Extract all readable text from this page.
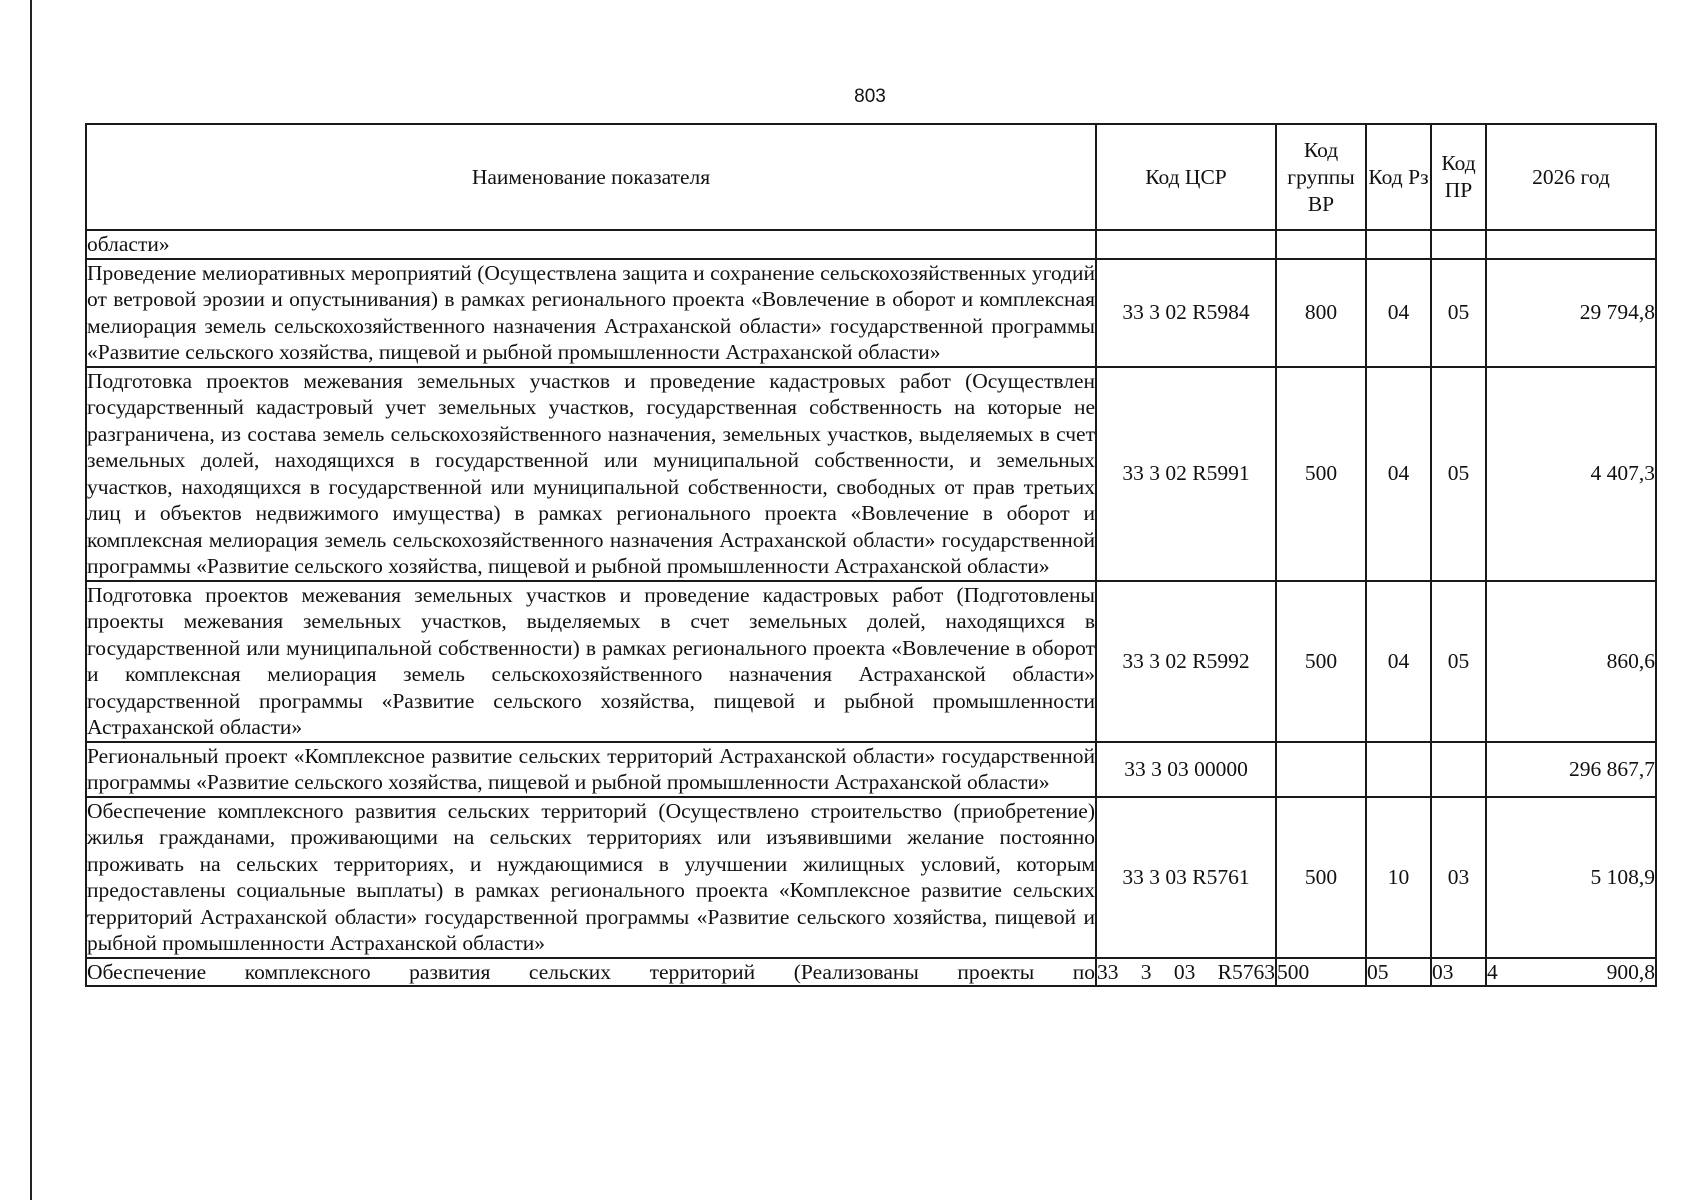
803
Наименование показателя	Код ЦСР	Код группы ВР	Код Рз	Код ПР	2026 год
области»					
Проведение мелиоративных мероприятий (Осуществлена защита и сохранение сельскохозяйственных угодий от ветровой эрозии и опустынивания) в рамках регионального проекта «Вовлечение в оборот и комплексная мелиорация земель сельскохозяйственного назначения Астраханской области» государственной программы «Развитие сельского хозяйства, пищевой и рыбной промышленности Астраханской области»	33 3 02 R5984	800	04	05	29 794,8
Подготовка проектов межевания земельных участков и проведение кадастровых работ (Осуществлен государственный кадастровый учет земельных участков, государственная собственность на которые не разграничена, из состава земель сельскохозяйственного назначения, земельных участков, выделяемых в счет земельных долей, находящихся в государственной или муниципальной собственности, и земельных участков, находящихся в государственной или муниципальной собственности, свободных от прав третьих лиц и объектов недвижимого имущества) в рамках регионального проекта «Вовлечение в оборот и комплексная мелиорация земель сельскохозяйственного назначения Астраханской области» государственной программы «Развитие сельского хозяйства, пищевой и рыбной промышленности Астраханской области»	33 3 02 R5991	500	04	05	4 407,3
Подготовка проектов межевания земельных участков и проведение кадастровых работ (Подготовлены проекты межевания земельных участков, выделяемых в счет земельных долей, находящихся в государственной или муниципальной собственности) в рамках регионального проекта «Вовлечение в оборот и комплексная мелиорация земель сельскохозяйственного назначения Астраханской области» государственной программы «Развитие сельского хозяйства, пищевой и рыбной промышленности Астраханской области»	33 3 02 R5992	500	04	05	860,6
Региональный проект «Комплексное развитие сельских территорий Астраханской области» государственной программы «Развитие сельского хозяйства, пищевой и рыбной промышленности Астраханской области»	33 3 03 00000				296 867,7
Обеспечение комплексного развития сельских территорий (Осуществлено строительство (приобретение) жилья гражданами, проживающими на сельских территориях или изъявившими желание постоянно проживать на сельских территориях, и нуждающимися в улучшении жилищных условий, которым предоставлены социальные выплаты) в рамках регионального проекта «Комплексное развитие сельских территорий Астраханской области» государственной программы «Развитие сельского хозяйства, пищевой и рыбной промышленности Астраханской области»	33 3 03 R5761	500	10	03	5 108,9
Обеспечение комплексного развития сельских территорий (Реализованы проекты по	33 3 03 R5763	500	05	03	4 900,8
